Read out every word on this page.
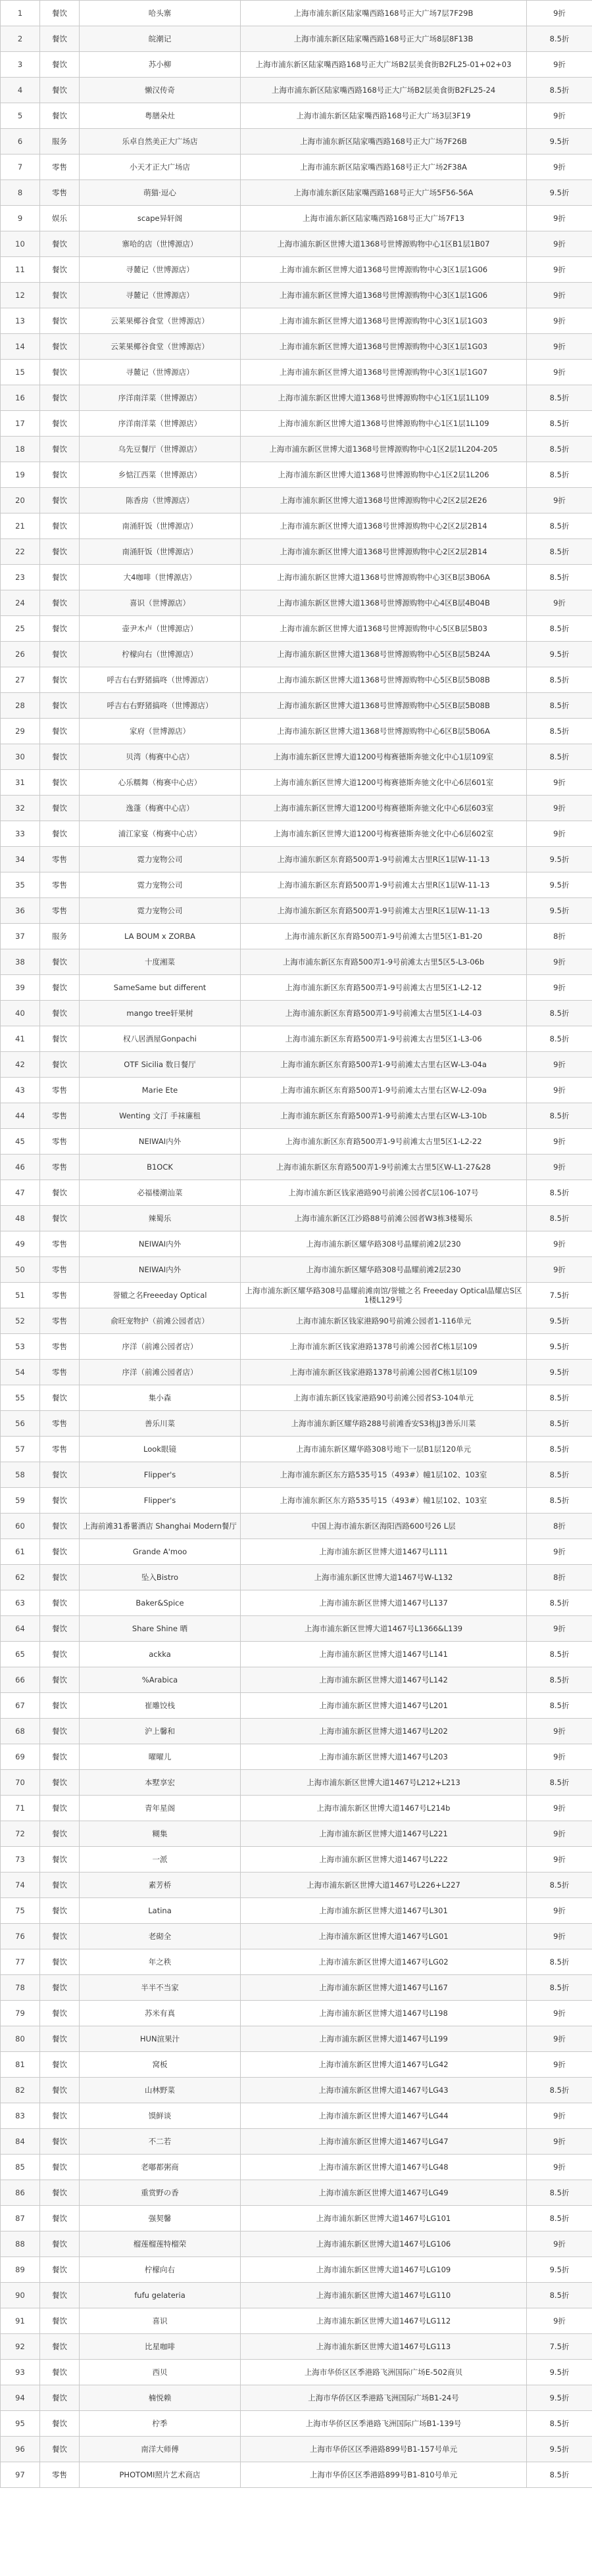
1	餐饮	哈头寨	上海市浦东新区陆家嘴西路168号正大广场7层7F29B	9折
2	餐饮	皖潮记	上海市浦东新区陆家嘴西路168号正大广场8层8F13B	8.5折
3	餐饮	苏小柳	上海市浦东新区陆家嘴西路168号正大广场B2层美食街B2FL25-01+02+03	9折
4	餐饮	懒汉传奇	上海市浦东新区陆家嘴西路168号正大广场B2层美食街B2FL25-24	8.5折
5	餐饮	粤膳朵灶	上海市浦东新区陆家嘴西路168号正大广场3层3F19	9折
6	服务	乐卓自然美正大广场店	上海市浦东新区陆家嘴西路168号正大广场7F26B	9.5折
7	零售	小天才正大广场店	上海市浦东新区陆家嘴西路168号正大广场2F38A	9折
8	零售	萌猫·逗心	上海市浦东新区陆家嘴西路168号正大广场5F56-56A	9.5折
9	娱乐	scape异轩阁	上海市浦东新区陆家嘴西路168号正大广场7F13	9折
10	餐饮	寨哈的店（世博源店）	上海市浦东新区世博大道1368号世博源购物中心1区B1层1B07	9折
11	餐饮	寻麓记（世博源店）	上海市浦东新区世博大道1368号世博源购物中心3区1层1G06	9折
12	餐饮	寻麓记（世博源店）	上海市浦东新区世博大道1368号世博源购物中心3区1层1G06	9折
13	餐饮	云莱果椰谷食堂（世博源店）	上海市浦东新区世博大道1368号世博源购物中心3区1层1G03	9折
14	餐饮	云莱果椰谷食堂（世博源店）	上海市浦东新区世博大道1368号世博源购物中心3区1层1G03	9折
15	餐饮	寻麓记（世博源店）	上海市浦东新区世博大道1368号世博源购物中心3区1层1G07	9折
16	餐饮	序洋南洋菜（世博源店）	上海市浦东新区世博大道1368号世博源购物中心1区1层1L109	8.5折
17	餐饮	序洋南洋菜（世博源店）	上海市浦东新区世博大道1368号世博源购物中心1区1层1L109	8.5折
18	餐饮	乌先豆餐厅（世博源店）	上海市浦东新区世博大道1368号世博源购物中心1区2层1L204-205	8.5折
19	餐饮	乡惦江西菜（世博源店）	上海市浦东新区世博大道1368号世博源购物中心1区2层1L206	8.5折
20	餐饮	陈香房（世博源店）	上海市浦东新区世博大道1368号世博源购物中心2区2层2E26	9折
21	餐饮	南涌肝饭（世博源店）	上海市浦东新区世博大道1368号世博源购物中心2区2层2B14	8.5折
22	餐饮	南涌肝饭（世博源店）	上海市浦东新区世博大道1368号世博源购物中心2区2层2B14	8.5折
23	餐饮	大4咖啡（世博源店）	上海市浦东新区世博大道1368号世博源购物中心3区B层3B06A	8.5折
24	餐饮	喜识（世博源店）	上海市浦东新区世博大道1368号世博源购物中心4区B层4B04B	9折
25	餐饮	壶尹木卢（世博源店）	上海市浦东新区世博大道1368号世博源购物中心5区B层5B03	8.5折
26	餐饮	柠檬向右（世博源店）	上海市浦东新区世博大道1368号世博源购物中心5区B层5B24A	9.5折
27	餐饮	呼吉右右野猪搞咚（世博源店）	上海市浦东新区世博大道1368号世博源购物中心5区B层5B08B	8.5折
28	餐饮	呼吉右右野猪搞咚（世博源店）	上海市浦东新区世博大道1368号世博源购物中心5区B层5B08B	8.5折
29	餐饮	家府（世博源店）	上海市浦东新区世博大道1368号世博源购物中心6区B层5B06A	8.5折
30	餐饮	贝湾（梅赛中心店）	上海市浦东新区世博大道1200号梅赛德斯奔驰文化中心1层109室	8.5折
31	餐饮	心乐糯舞（梅赛中心店）	上海市浦东新区世博大道1200号梅赛德斯奔驰文化中心6层601室	9折
32	餐饮	逸蓬（梅赛中心店）	上海市浦东新区世博大道1200号梅赛德斯奔驰文化中心6层603室	9折
33	餐饮	浦江家宴（梅赛中心店）	上海市浦东新区世博大道1200号梅赛德斯奔驰文化中心6层602室	9折
34	零售	霓力宠物公司	上海市浦东新区东育路500弄1-9号前滩太古里R区1层W-11-13	9.5折
35	零售	霓力宠物公司	上海市浦东新区东育路500弄1-9号前滩太古里R区1层W-11-13	9.5折
36	零售	霓力宠物公司	上海市浦东新区东育路500弄1-9号前滩太古里R区1层W-11-13	9.5折
37	服务	LA BOUM x ZORBA	上海市浦东新区东育路500弄1-9号前滩太古里5区1-B1-20	8折
38	餐饮	十度湘菜	上海市浦东新区东育路500弄1-9号前滩太古里5区5-L3-06b	9折
39	餐饮	SameSame but different	上海市浦东新区东育路500弄1-9号前滩太古里5区1-L2-12	9折
40	餐饮	mango tree轩果树	上海市浦东新区东育路500弄1-9号前滩太古里5区1-L4-03	8.5折
41	餐饮	权八居酒屋Gonpachi	上海市浦东新区东育路500弄1-9号前滩太古里5区1-L3-06	8.5折
42	餐饮	OTF Sicilia 数日餐厅	上海市浦东新区东育路500弄1-9号前滩太古里右区W-L3-04a	9折
43	零售	Marie Ete	上海市浦东新区东育路500弄1-9号前滩太古里右区W-L2-09a	9折
44	零售	Wenting 文汀 手袜廉租	上海市浦东新区东育路500弄1-9号前滩太古里右区W-L3-10b	8.5折
45	零售	NEIWAI内外	上海市浦东新区东育路500弄1-9号前滩太古里5区1-L2-22	9折
46	零售	B1OCK	上海市浦东新区东育路500弄1-9号前滩太古里5区W-L1-27&28	9折
47	餐饮	必福楼潮汕菜	上海市浦东新区钱家港路90号前滩公园者C层106-107号	8.5折
48	餐饮	辣蜀乐	上海市浦东新区江沙路88号前滩公园者W3栋3楼蜀乐	8.5折
49	零售	NEIWAI内外	上海市浦东新区耀华路308号晶耀前滩2层230	9折
50	零售	NEIWAI内外	上海市浦东新区耀华路308号晶耀前滩2层230	9折
51	零售	誉辙之名Freeeday Optical	上海市浦东新区耀华路308号晶耀前滩南馆/誉辙之名 Freeeday Optical晶耀店S区1楼L129号	7.5折
52	零售	俞旺宠物护（前滩公园者店）	上海市浦东新区钱家港路90号前滩公园者1-116单元	9.5折
53	零售	序洋（前滩公园者店）	上海市浦东新区钱家港路1378号前滩公园者C栋1层109	9.5折
54	零售	序洋（前滩公园者店）	上海市浦东新区钱家港路1378号前滩公园者C栋1层109	9.5折
55	餐饮	集小森	上海市浦东新区钱家港路90号前滩公园者S3-104单元	8.5折
56	零售	善乐川菜	上海市浦东新区耀华路288号前滩香安S3栋JJ3善乐川菜	8.5折
57	零售	Look眼镜	上海市浦东新区耀华路308号地下一层B1层120单元	8.5折
58	餐饮	Flipper's	上海市浦东新区东方路535号15（493#）幢1层102、103室	8.5折
59	餐饮	Flipper's	上海市浦东新区东方路535号15（493#）幢1层102、103室	8.5折
60	餐饮	上海前滩31番薯酒店 Shanghai Modern餐厅	中国上海市浦东新区海阳西路600号26 L层	8折
61	餐饮	Grande A'moo	上海市浦东新区世博大道1467号L111	9折
62	餐饮	坠入Bistro	上海市浦东新区世博大道1467号W-L132	8折
63	餐饮	Baker&Spice	上海市浦东新区世博大道1467号L137	8.5折
64	餐饮	Share Shine 晒	上海市浦东新区世博大道1467号L1366&L139	9折
65	餐饮	ackka	上海市浦东新区世博大道1467号L141	8.5折
66	餐饮	%Arabica	上海市浦东新区世博大道1467号L142	8.5折
67	餐饮	崔雕饺栈	上海市浦东新区世博大道1467号L201	8.5折
68	餐饮	沪上馨和	上海市浦东新区世博大道1467号L202	9折
69	餐饮	曜曜儿	上海市浦东新区世博大道1467号L203	9折
70	餐饮	本墅享宏	上海市浦东新区世博大道1467号L212+L213	8.5折
71	餐饮	青年星阁	上海市浦东新区世博大道1467号L214b	9折
72	餐饮	糊集	上海市浦东新区世博大道1467号L221	9折
73	餐饮	一派	上海市浦东新区世博大道1467号L222	9折
74	餐饮	素芳桥	上海市浦东新区世博大道1467号L226+L227	8.5折
75	餐饮	Latina	上海市浦东新区世博大道1467号L301	9折
76	餐饮	老砌全	上海市浦东新区世博大道1467号LG01	9折
77	餐饮	年之秩	上海市浦东新区世博大道1467号LG02	8.5折
78	餐饮	半半不当家	上海市浦东新区世博大道1467号L167	8.5折
79	餐饮	苏米有真	上海市浦东新区世博大道1467号L198	9折
80	餐饮	HUN渲果汁	上海市浦东新区世博大道1467号L199	9折
81	餐饮	窝板	上海市浦东新区世博大道1467号LG42	9折
82	餐饮	山林野菜	上海市浦东新区世博大道1467号LG43	8.5折
83	餐饮	馍鲜谈	上海市浦东新区世博大道1467号LG44	9折
84	餐饮	不二若	上海市浦东新区世博大道1467号LG47	9折
85	餐饮	老嘟都粥商	上海市浦东新区世博大道1467号LG48	9折
86	餐饮	重赏野の香	上海市浦东新区世博大道1467号LG49	8.5折
87	餐饮	强契馨	上海市浦东新区世博大道1467号LG101	8.5折
88	餐饮	榴莲榴莲特榴荣	上海市浦东新区世博大道1467号LG106	9折
89	餐饮	柠檬向右	上海市浦东新区世博大道1467号LG109	9.5折
90	餐饮	fufu gelateria	上海市浦东新区世博大道1467号LG110	8.5折
91	餐饮	喜识	上海市浦东新区世博大道1467号LG112	9折
92	餐饮	比星咖啡	上海市浦东新区世博大道1467号LG113	7.5折
93	餐饮	西贝	上海市华侨区区季港路飞洲国际广场E-502商贝	9.5折
94	餐饮	楠悦赖	上海市华侨区区季港路飞洲国际广场B1-24号	9.5折
95	餐饮	柠季	上海市华侨区区季港路飞洲国际广场B1-139号	8.5折
96	餐饮	南洋大师傅	上海市华侨区区季港路899号B1-157号单元	9.5折
97	零售	PHOTOMI照片艺术商店	上海市华侨区区季港路899号B1-810号单元	8.5折
